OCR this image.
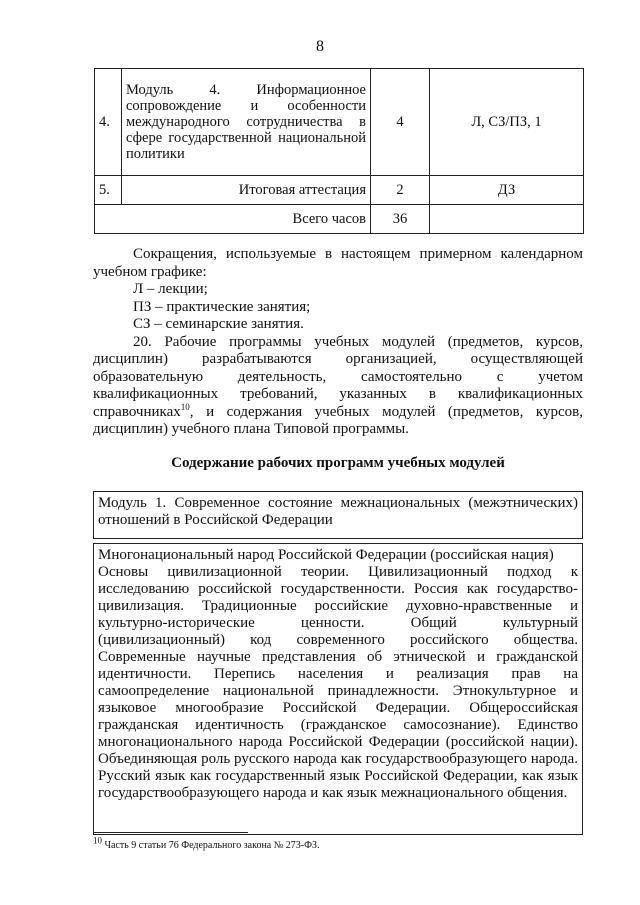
8
4.	Модуль 4. Информационное сопровождение и особенности международного сотрудничества в сфере государственной национальной политики	4	Л, СЗ/ПЗ, 1
5.	Итоговая аттестация	2	ДЗ
Всего часов		36	

Сокращения, используемые в настоящем примерном календарном учебном графике:

Л – лекции;

ПЗ – практические занятия;

СЗ – семинарские занятия.

20. Рабочие программы учебных модулей (предметов, курсов, дисциплин) разрабатываются организацией, осуществляющей образовательную деятельность, самостоятельно с учетом квалификационных требований, указанных в квалификационных справочниках$^{10}$, и содержания учебных модулей (предметов, курсов, дисциплин) учебного плана Типовой программы.

Содержание рабочих программ учебных модулей
Модуль 1. Современное состояние межнациональных (межэтнических) отношений в Российской Федерации
Многонациональный народ Российской Федерации (российская нация)
Основы цивилизационной теории. Цивилизационный подход к исследованию российской государственности. Россия как государство-цивилизация. Традиционные российские духовно-нравственные и культурно-исторические ценности. Общий культурный (цивилизационный) код современного российского общества. Современные научные представления об этнической и гражданской идентичности. Перепись населения и реализация прав на самоопределение национальной принадлежности. Этнокультурное и языковое многообразие Российской Федерации. Общероссийская гражданская идентичность (гражданское самосознание). Единство многонационального народа Российской Федерации (российской нации). Объединяющая роль русского народа как государствообразующего народа. Русский язык как государственный язык Российской Федерации, как язык государствообразующего народа и как язык межнационального общения.
$^{10}$ Часть 9 статьи 76 Федерального закона № 273-ФЗ.
